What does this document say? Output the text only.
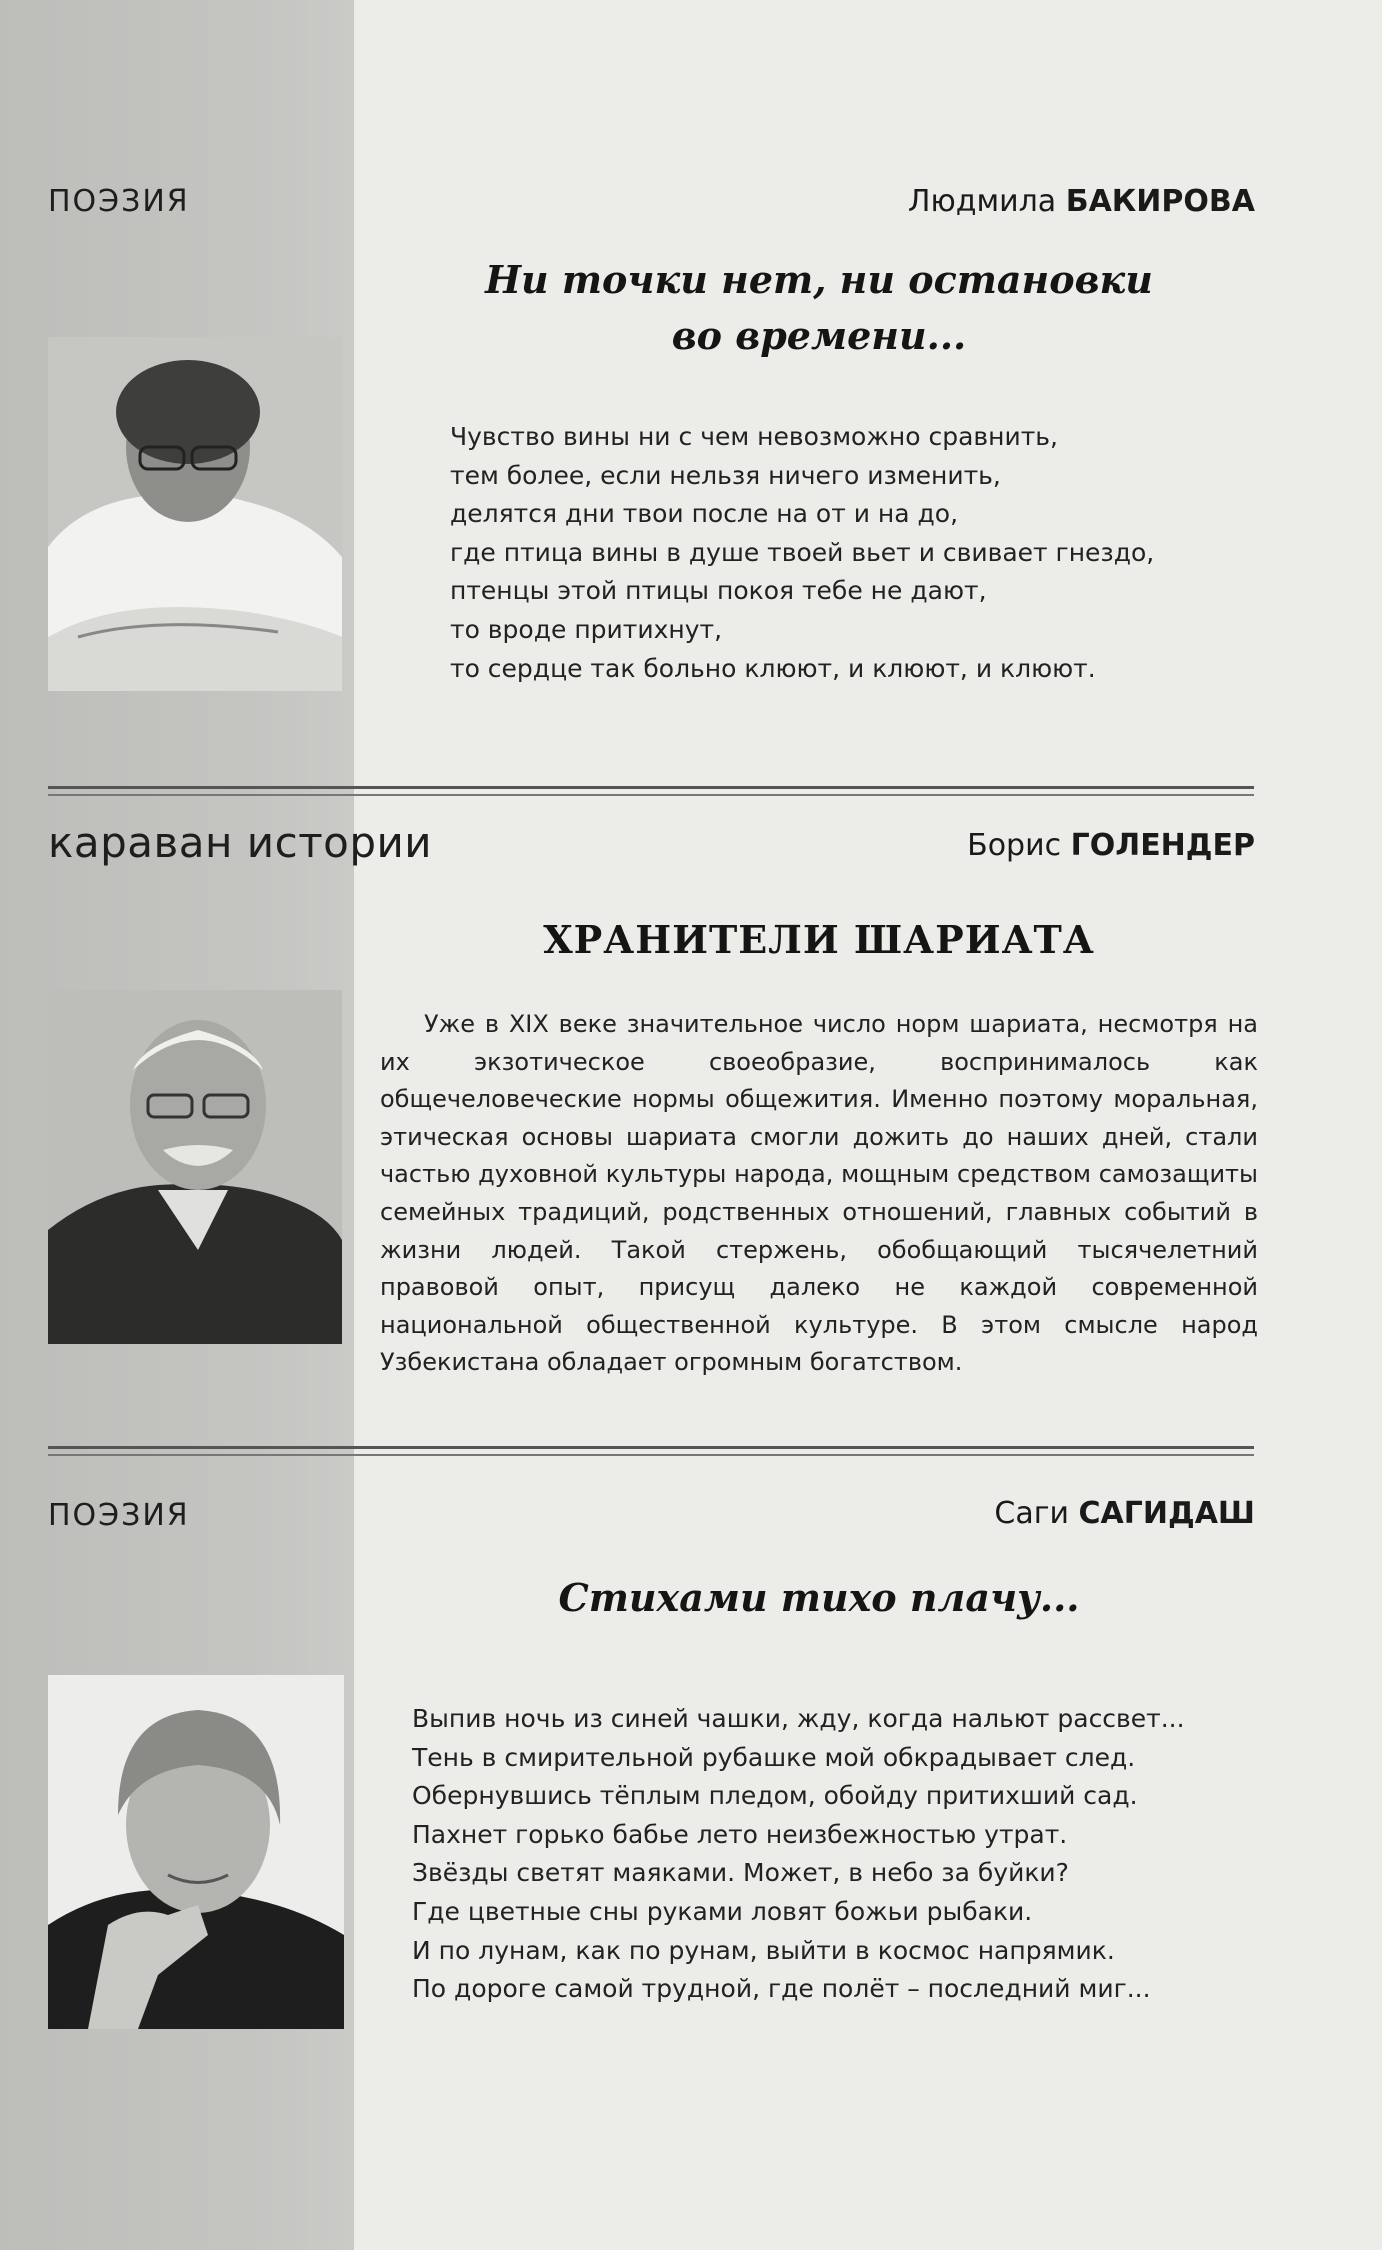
ПОЭЗИЯ	Людмила БАКИРОВА
Ни точки нет, ни остановки
во времени...
Чувство вины ни с чем невозможно сравнить,
тем более, если нельзя ничего изменить,
делятся дни твои после на от и на до,
где птица вины в душе твоей вьет и свивает гнездо,
птенцы этой птицы покоя тебе не дают,
то вроде притихнут,
то сердце так больно клюют, и клюют, и клюют.
караван истории	Борис ГОЛЕНДЕР
ХРАНИТЕЛИ ШАРИАТА
Уже в XIX веке значительное число норм шариата, несмотря на их экзотическое своеобразие, воспринималось как общечеловеческие нормы общежития. Именно поэтому моральная, этическая основы шариата смогли дожить до наших дней, стали частью духовной культуры народа, мощным средством самозащиты семейных традиций, родственных отношений, главных событий в жизни людей. Такой стержень, обобщающий тысячелетний правовой опыт, присущ далеко не каждой современной национальной общественной культуре. В этом смысле народ Узбекистана обладает огромным богатством.
ПОЭЗИЯ	Саги САГИДАШ
Стихами тихо плачу...
Выпив ночь из синей чашки, жду, когда нальют рассвет...
Тень в смирительной рубашке мой обкрадывает след.
Обернувшись тёплым пледом, обойду притихший сад.
Пахнет горько бабье лето неизбежностью утрат.
Звёзды светят маяками. Может, в небо за буйки?
Где цветные сны руками ловят божьи рыбаки.
И по лунам, как по рунам, выйти в космос напрямик.
По дороге самой трудной, где полёт – последний миг...
